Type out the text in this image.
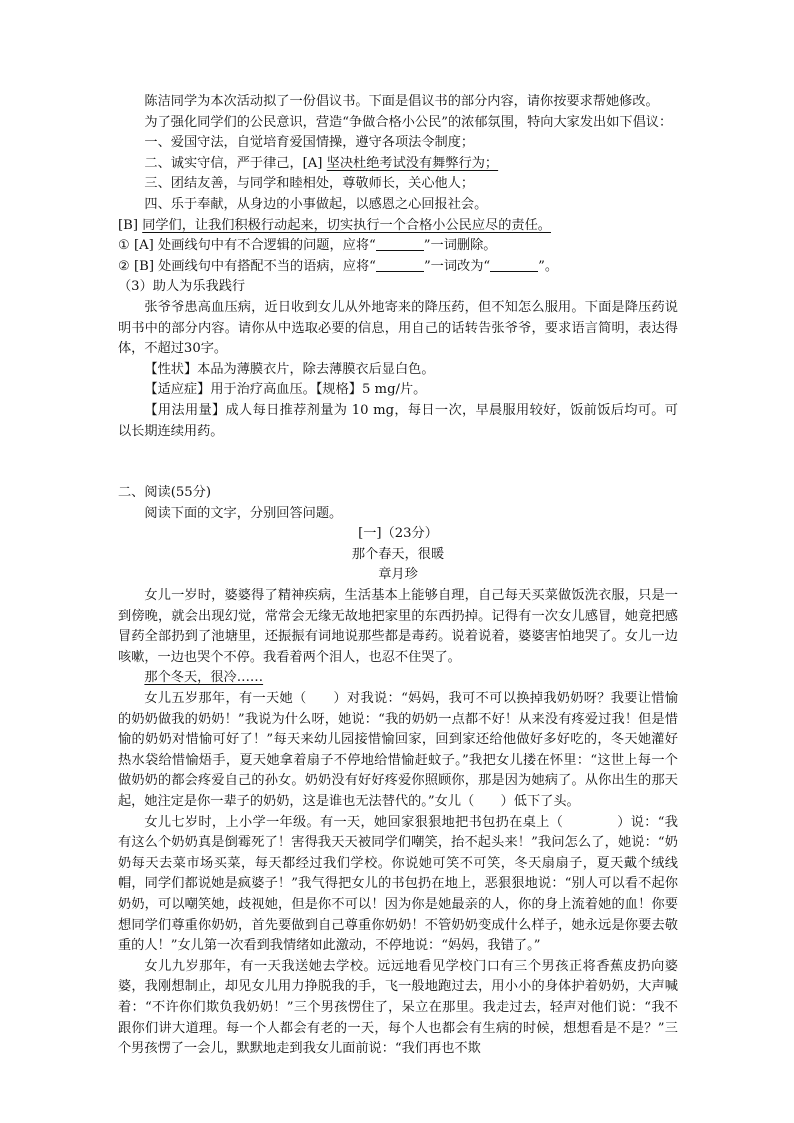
陈洁同学为本次活动拟了一份倡议书。下面是倡议书的部分内容，请你按要求帮她修改。

为了强化同学们的公民意识，营造“争做合格小公民”的浓郁氛围，特向大家发出如下倡议：

一、爱国守法，自觉培育爱国情操，遵守各项法令制度；

二、诚实守信，严于律己，[A] 坚决杜绝考试没有舞弊行为；

三、团结友善，与同学和睦相处，尊敬师长，关心他人；

四、乐于奉献，从身边的小事做起，以感恩之心回报社会。

[B] 同学们，让我们积极行动起来，切实执行一个合格小公民应尽的责任。

① [A] 处画线句中有不合逻辑的问题，应将“	”一词删除。

② [B] 处画线句中有搭配不当的语病，应将“	”一词改为“	”。

（3）助人为乐我践行

张爷爷患高血压病，近日收到女儿从外地寄来的降压药，但不知怎么服用。下面是降压药说明书中的部分内容。请你从中选取必要的信息，用自己的话转告张爷爷，要求语言简明，表达得体，不超过30字。

【性状】本品为薄膜衣片，除去薄膜衣后显白色。

【适应症】用于治疗高血压。【规格】5 mg/片。

【用法用量】成人每日推荐剂量为 10 mg，每日一次，早晨服用较好，饭前饭后均可。可以长期连续用药。

二、阅读(55分)

阅读下面的文字，分别回答问题。

[一]（23分）

那个春天，很暖

章月珍

女儿一岁时，婆婆得了精神疾病，生活基本上能够自理，自己每天买菜做饭洗衣服，只是一到傍晚，就会出现幻觉，常常会无缘无故地把家里的东西扔掉。记得有一次女儿感冒，她竟把感冒药全部扔到了池塘里，还振振有词地说那些都是毒药。说着说着，婆婆害怕地哭了。女儿一边咳嗽，一边也哭个不停。我看着两个泪人，也忍不住哭了。

那个冬天，很冷……

女儿五岁那年，有一天她（　　）对我说：“妈妈，我可不可以换掉我奶奶呀？我要让惜愉的奶奶做我的奶奶！”我说为什么呀，她说：“我的奶奶一点都不好！从来没有疼爱过我！但是惜愉的奶奶对惜愉可好了！”每天来幼儿园接惜愉回家，回到家还给他做好多好吃的，冬天她灌好热水袋给惜愉焐手，夏天她拿着扇子不停地给惜愉赶蚊子。”我把女儿搂在怀里：“这世上每一个做奶奶的都会疼爱自己的孙女。奶奶没有好好疼爱你照顾你，那是因为她病了。从你出生的那天起，她注定是你一辈子的奶奶，这是谁也无法替代的。”女儿（　　）低下了头。

女儿七岁时，上小学一年级。有一天，她回家狠狠地把书包扔在桌上（　　　　）说：“我有这么个奶奶真是倒霉死了！害得我天天被同学们嘲笑，抬不起头来！”我问怎么了，她说：“奶奶每天去菜市场买菜，每天都经过我们学校。你说她可笑不可笑，冬天扇扇子，夏天戴个绒线帽，同学们都说她是疯婆子！”我气得把女儿的书包扔在地上，恶狠狠地说：“别人可以看不起你奶奶，可以嘲笑她，歧视她，但是你不可以！因为你是她最亲的人，你的身上流着她的血！你要想同学们尊重你奶奶，首先要做到自己尊重你奶奶！不管奶奶变成什么样子，她永远是你要去敬重的人！”女儿第一次看到我情绪如此激动，不停地说：“妈妈，我错了。”

女儿九岁那年，有一天我送她去学校。远远地看见学校门口有三个男孩正将香蕉皮扔向婆婆，我刚想制止，却见女儿用力挣脱我的手，飞一般地跑过去，用小小的身体护着奶奶，大声喊着：“不许你们欺负我奶奶！”三个男孩愣住了，呆立在那里。我走过去，轻声对他们说：“我不跟你们讲大道理。每一个人都会有老的一天，每个人也都会有生病的时候，想想看是不是？”三个男孩愣了一会儿，默默地走到我女儿面前说：“我们再也不欺
